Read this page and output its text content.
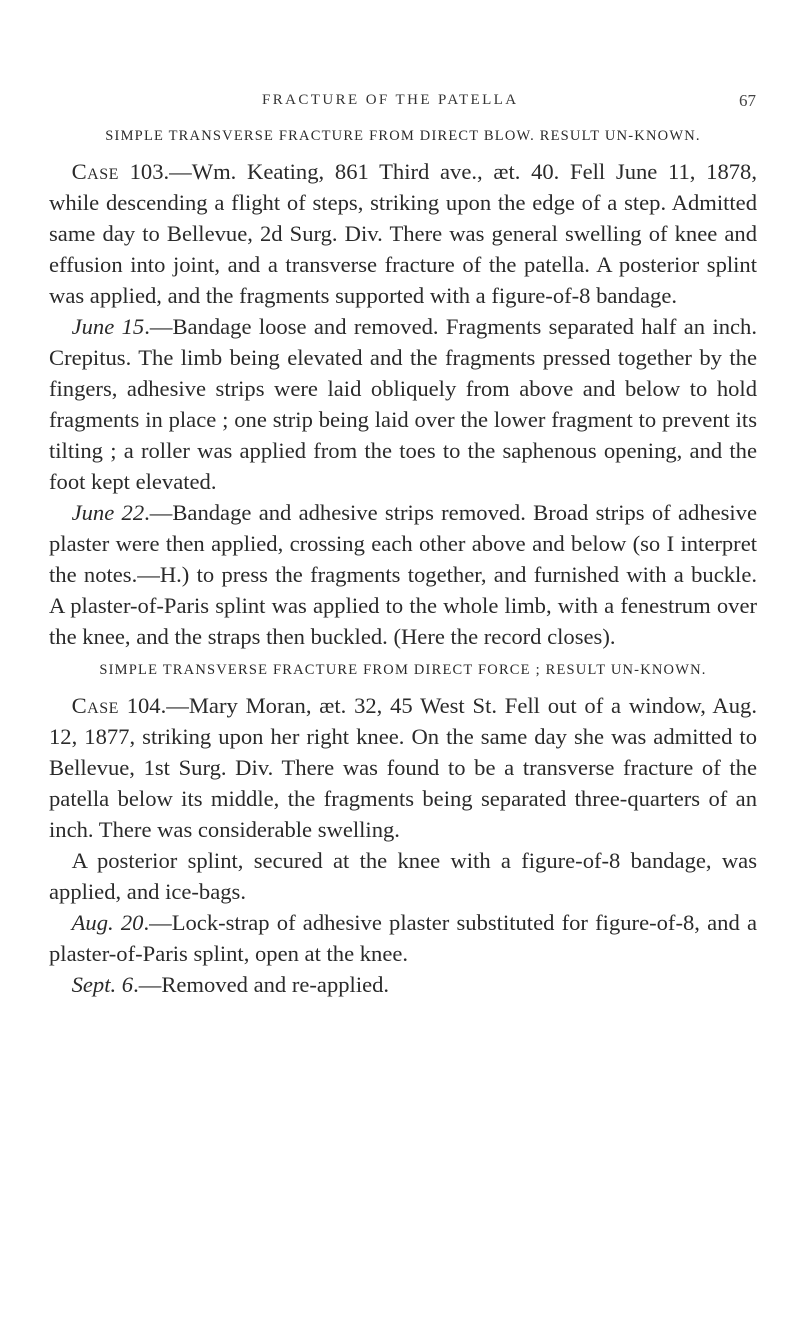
FRACTURE OF THE PATELLA	67
SIMPLE TRANSVERSE FRACTURE FROM DIRECT BLOW. RESULT UN-KNOWN.

 Case 103.—Wm. Keating, 861 Third ave., æt. 40. Fell June 11, 1878, while descending a flight of steps, striking upon the edge of a step. Admitted same day to Bellevue, 2d Surg. Div. There was general swelling of knee and effusion into joint, and a transverse fracture of the patella. A posterior splint was applied, and the fragments supported with a figure-of-8 bandage.

 June 15.—Bandage loose and removed. Fragments separated half an inch. Crepitus. The limb being elevated and the fragments pressed together by the fingers, adhesive strips were laid obliquely from above and below to hold fragments in place ; one strip being laid over the lower fragment to prevent its tilting ; a roller was applied from the toes to the saphenous opening, and the foot kept elevated.

 June 22.—Bandage and adhesive strips removed. Broad strips of adhesive plaster were then applied, crossing each other above and below (so I interpret the notes.—H.) to press the fragments together, and furnished with a buckle. A plaster-of-Paris splint was applied to the whole limb, with a fenestrum over the knee, and the straps then buckled. (Here the record closes).

SIMPLE TRANSVERSE FRACTURE FROM DIRECT FORCE ; RESULT UN-KNOWN.

 Case 104.—Mary Moran, æt. 32, 45 West St. Fell out of a window, Aug. 12, 1877, striking upon her right knee. On the same day she was admitted to Bellevue, 1st Surg. Div. There was found to be a transverse fracture of the patella below its middle, the fragments being separated three-quarters of an inch. There was considerable swelling.

 A posterior splint, secured at the knee with a figure-of-8 bandage, was applied, and ice-bags.

 Aug. 20.—Lock-strap of adhesive plaster substituted for figure-of-8, and a plaster-of-Paris splint, open at the knee.

 Sept. 6.—Removed and re-applied.
